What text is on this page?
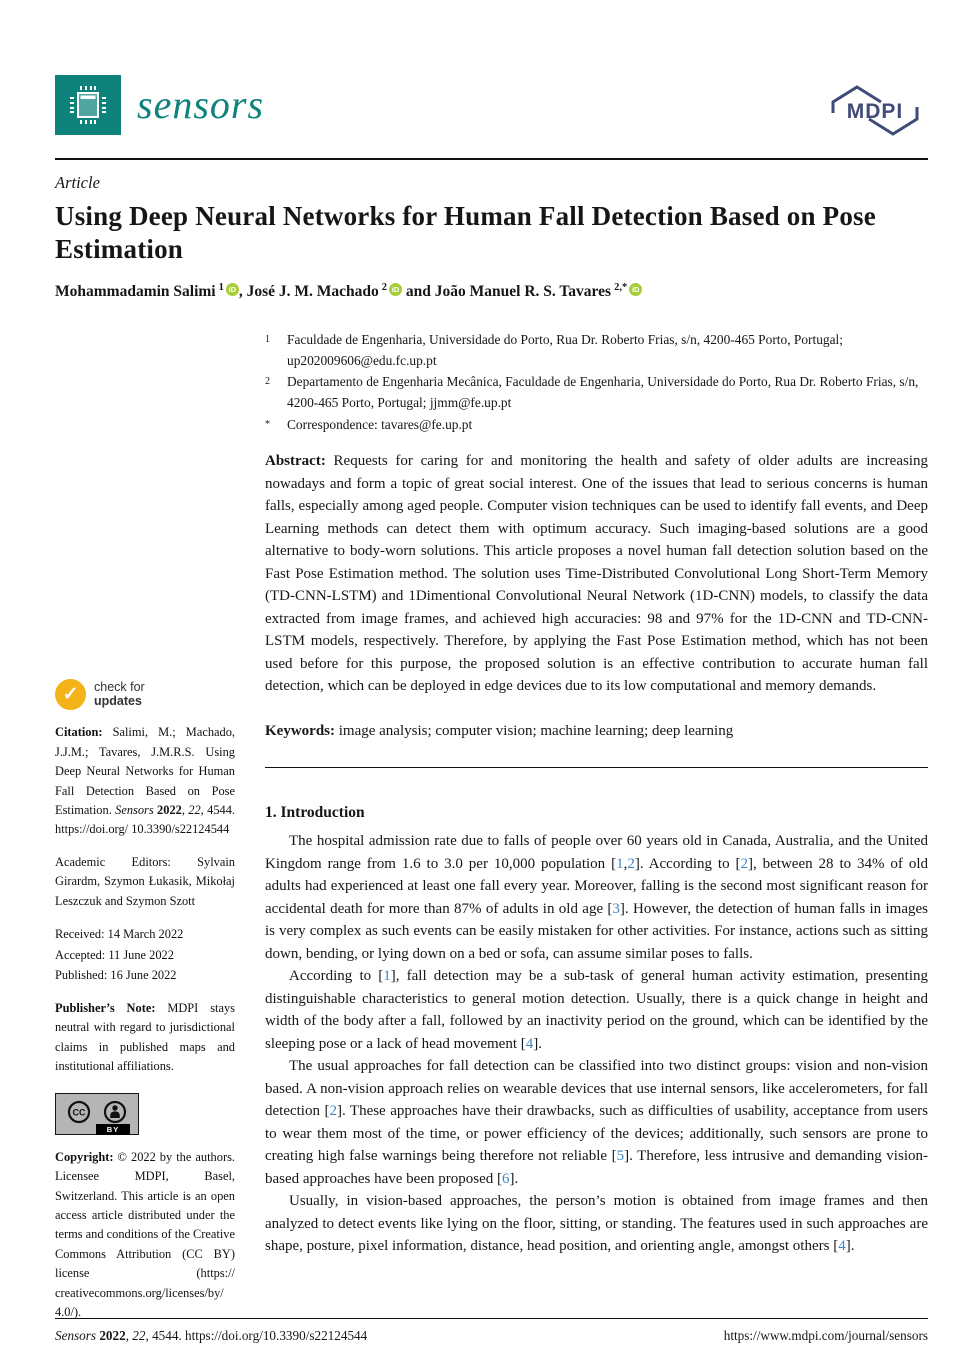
sensors	MDPI
Article
Using Deep Neural Networks for Human Fall Detection Based on Pose Estimation
Mohammadamin Salimi $^1$ iD , José J. M. Machado $^2$ iD and João Manuel R. S. Tavares $^{2,*}$ iD
✓	check for
updates

Citation: Salimi, M.; Machado, J.J.M.; Tavares, J.M.R.S. Using Deep Neural Networks for Human Fall Detection Based on Pose Estimation. Sensors 2022, 22, 4544. https://doi.org/ 10.3390/s22124544

Academic Editors: Sylvain Girardm, Szymon Łukasik, Mikołaj Leszczuk and Szymon Szott

Received: 14 March 2022
Accepted: 11 June 2022
Published: 16 June 2022

Publisher’s Note: MDPI stays neutral with regard to jurisdictional claims in published maps and institutional affiliations.

CC
BY

Copyright: © 2022 by the authors. Licensee MDPI, Basel, Switzerland. This article is an open access article distributed under the terms and conditions of the Creative Commons Attribution (CC BY) license (https:// creativecommons.org/licenses/by/ 4.0/).

1	Faculdade de Engenharia, Universidade do Porto, Rua Dr. Roberto Frias, s/n, 4200-465 Porto, Portugal; up202009606@edu.fc.up.pt
2	Departamento de Engenharia Mecânica, Faculdade de Engenharia, Universidade do Porto, Rua Dr. Roberto Frias, s/n, 4200-465 Porto, Portugal; jjmm@fe.up.pt
*	Correspondence: tavares@fe.up.pt

Abstract: Requests for caring for and monitoring the health and safety of older adults are increasing nowadays and form a topic of great social interest. One of the issues that lead to serious concerns is human falls, especially among aged people. Computer vision techniques can be used to identify fall events, and Deep Learning methods can detect them with optimum accuracy. Such imaging-based solutions are a good alternative to body-worn solutions. This article proposes a novel human fall detection solution based on the Fast Pose Estimation method. The solution uses Time-Distributed Convolutional Long Short-Term Memory (TD-CNN-LSTM) and 1Dimentional Convolutional Neural Network (1D-CNN) models, to classify the data extracted from image frames, and achieved high accuracies: 98 and 97% for the 1D-CNN and TD-CNN-LSTM models, respectively. Therefore, by applying the Fast Pose Estimation method, which has not been used before for this purpose, the proposed solution is an effective contribution to accurate human fall detection, which can be deployed in edge devices due to its low computational and memory demands.

Keywords: image analysis; computer vision; machine learning; deep learning

1. Introduction

The hospital admission rate due to falls of people over 60 years old in Canada, Australia, and the United Kingdom range from 1.6 to 3.0 per 10,000 population [1,2]. According to [2], between 28 to 34% of old adults had experienced at least one fall every year. Moreover, falling is the second most significant reason for accidental death for more than 87% of adults in old age [3]. However, the detection of human falls in images is very complex as such events can be easily mistaken for other activities. For instance, actions such as sitting down, bending, or lying down on a bed or sofa, can assume similar poses to falls.

According to [1], fall detection may be a sub-task of general human activity estimation, presenting distinguishable characteristics to general motion detection. Usually, there is a quick change in height and width of the body after a fall, followed by an inactivity period on the ground, which can be identified by the sleeping pose or a lack of head movement [4].

The usual approaches for fall detection can be classified into two distinct groups: vision and non-vision based. A non-vision approach relies on wearable devices that use internal sensors, like accelerometers, for fall detection [2]. These approaches have their drawbacks, such as difficulties of usability, acceptance from users to wear them most of the time, or power efficiency of the devices; additionally, such sensors are prone to creating high false warnings being therefore not reliable [5]. Therefore, less intrusive and demanding vision-based approaches have been proposed [6].

Usually, in vision-based approaches, the person’s motion is obtained from image frames and then analyzed to detect events like lying on the floor, sitting, or standing. The features used in such approaches are shape, posture, pixel information, distance, head position, and orienting angle, amongst others [4].

Sensors 2022, 22, 4544. https://doi.org/10.3390/s22124544	https://www.mdpi.com/journal/sensors
